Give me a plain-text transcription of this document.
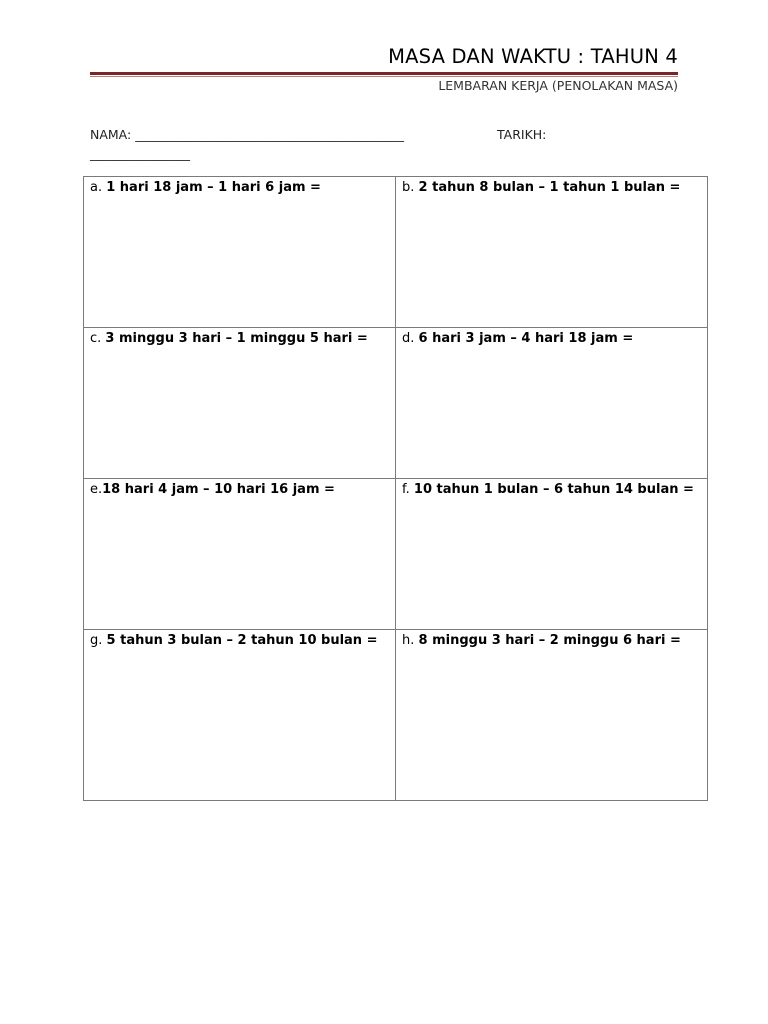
MASA DAN WAKTU : TAHUN 4
LEMBARAN KERJA (PENOLAKAN MASA)
NAMA: ___________________________________________	TARIKH:
________________
a. 1 hari 18 jam – 1 hari 6 jam =	b. 2 tahun 8 bulan – 1 tahun 1 bulan =
c. 3 minggu 3 hari – 1 minggu 5 hari =	d. 6 hari 3 jam – 4 hari 18 jam =
e.18 hari 4 jam – 10 hari 16 jam =	f. 10 tahun 1 bulan – 6 tahun 14 bulan =
g. 5 tahun 3 bulan – 2 tahun 10 bulan =	h. 8 minggu 3 hari – 2 minggu 6 hari =
